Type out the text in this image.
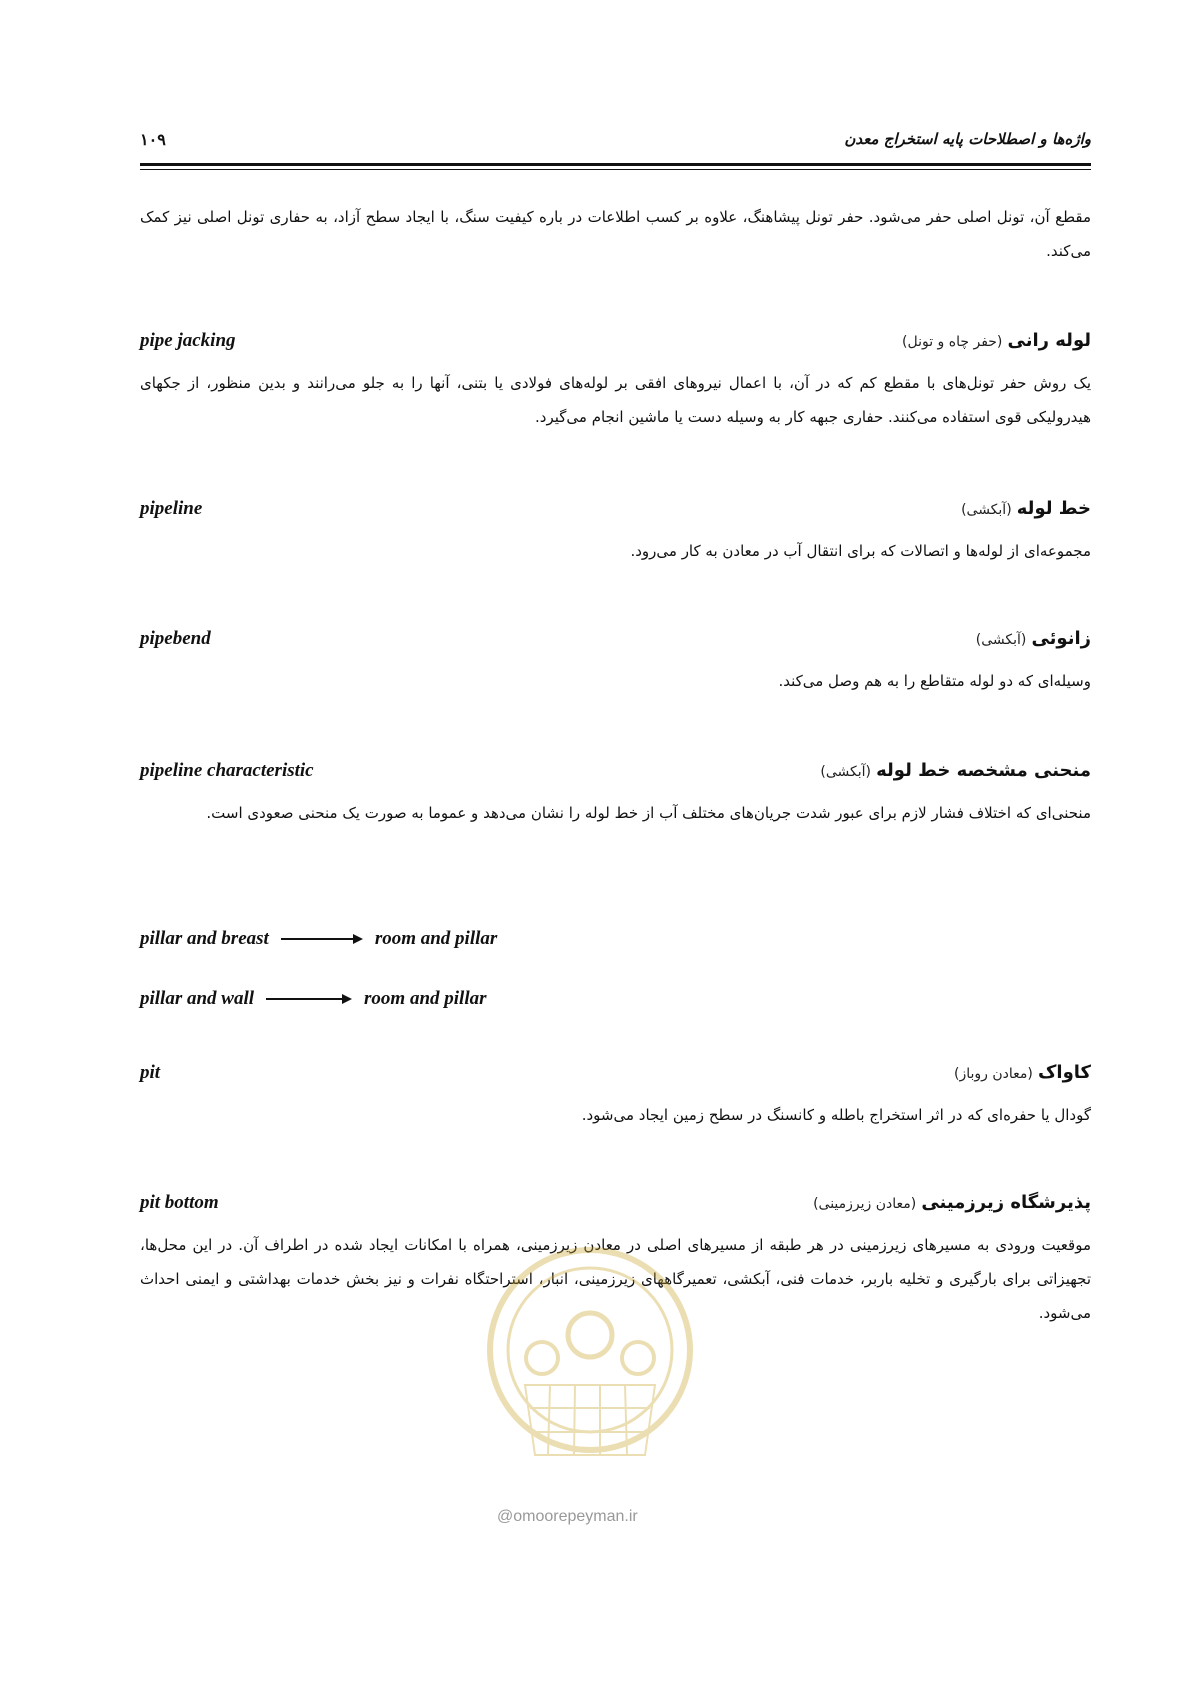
واژه‌ها و اصطلاحات پایه استخراج معدن
۱۰۹
مقطع آن، تونل اصلی حفر می‌شود. حفر تونل پیشاهنگ، علاوه بر کسب اطلاعات در باره کیفیت سنگ، با ایجاد سطح آزاد، به حفاری تونل اصلی نیز کمک می‌کند.
pipe jacking	لوله رانی (حفر چاه و تونل)
یک روش حفر تونل‌های با مقطع کم که در آن، با اعمال نیروهای افقی بر لوله‌های فولادی یا بتنی، آنها را به جلو می‌رانند و بدین منظور، از جکهای هیدرولیکی قوی استفاده می‌کنند. حفاری جبهه کار به وسیله دست یا ماشین انجام می‌گیرد.
pipeline	خط لوله (آبکشی)
مجموعه‌ای از لوله‌ها و اتصالات که برای انتقال آب در معادن به کار می‌رود.
pipebend	زانوئی (آبکشی)
وسیله‌ای که دو لوله متقاطع را به هم وصل می‌کند.
pipeline characteristic	منحنی مشخصه خط لوله (آبکشی)
منحنی‌ای که اختلاف فشار لازم برای عبور شدت جریان‌های مختلف آب از خط لوله را نشان می‌دهد و عموما به صورت یک منحنی صعودی است.
pillar and breast	room and pillar
pillar and wall	room and pillar
pit	کاواک (معادن روباز)
گودال یا حفره‌ای که در اثر استخراج باطله و کانسنگ در سطح زمین ایجاد می‌شود.
pit bottom	پذیرشگاه زیرزمینی (معادن زیرزمینی)
موقعیت ورودی به مسیرهای زیرزمینی در هر طبقه از مسیرهای اصلی در معادن زیرزمینی، همراه با امکانات ایجاد شده در اطراف آن. در این محل‌ها، تجهیزاتی برای بارگیری و تخلیه باربر، خدمات فنی، آبکشی، تعمیرگاههای زیرزمینی، انبار، استراحتگاه نفرات و نیز بخش خدمات بهداشتی و ایمنی احداث می‌شود.
@omoorepeyman.ir
